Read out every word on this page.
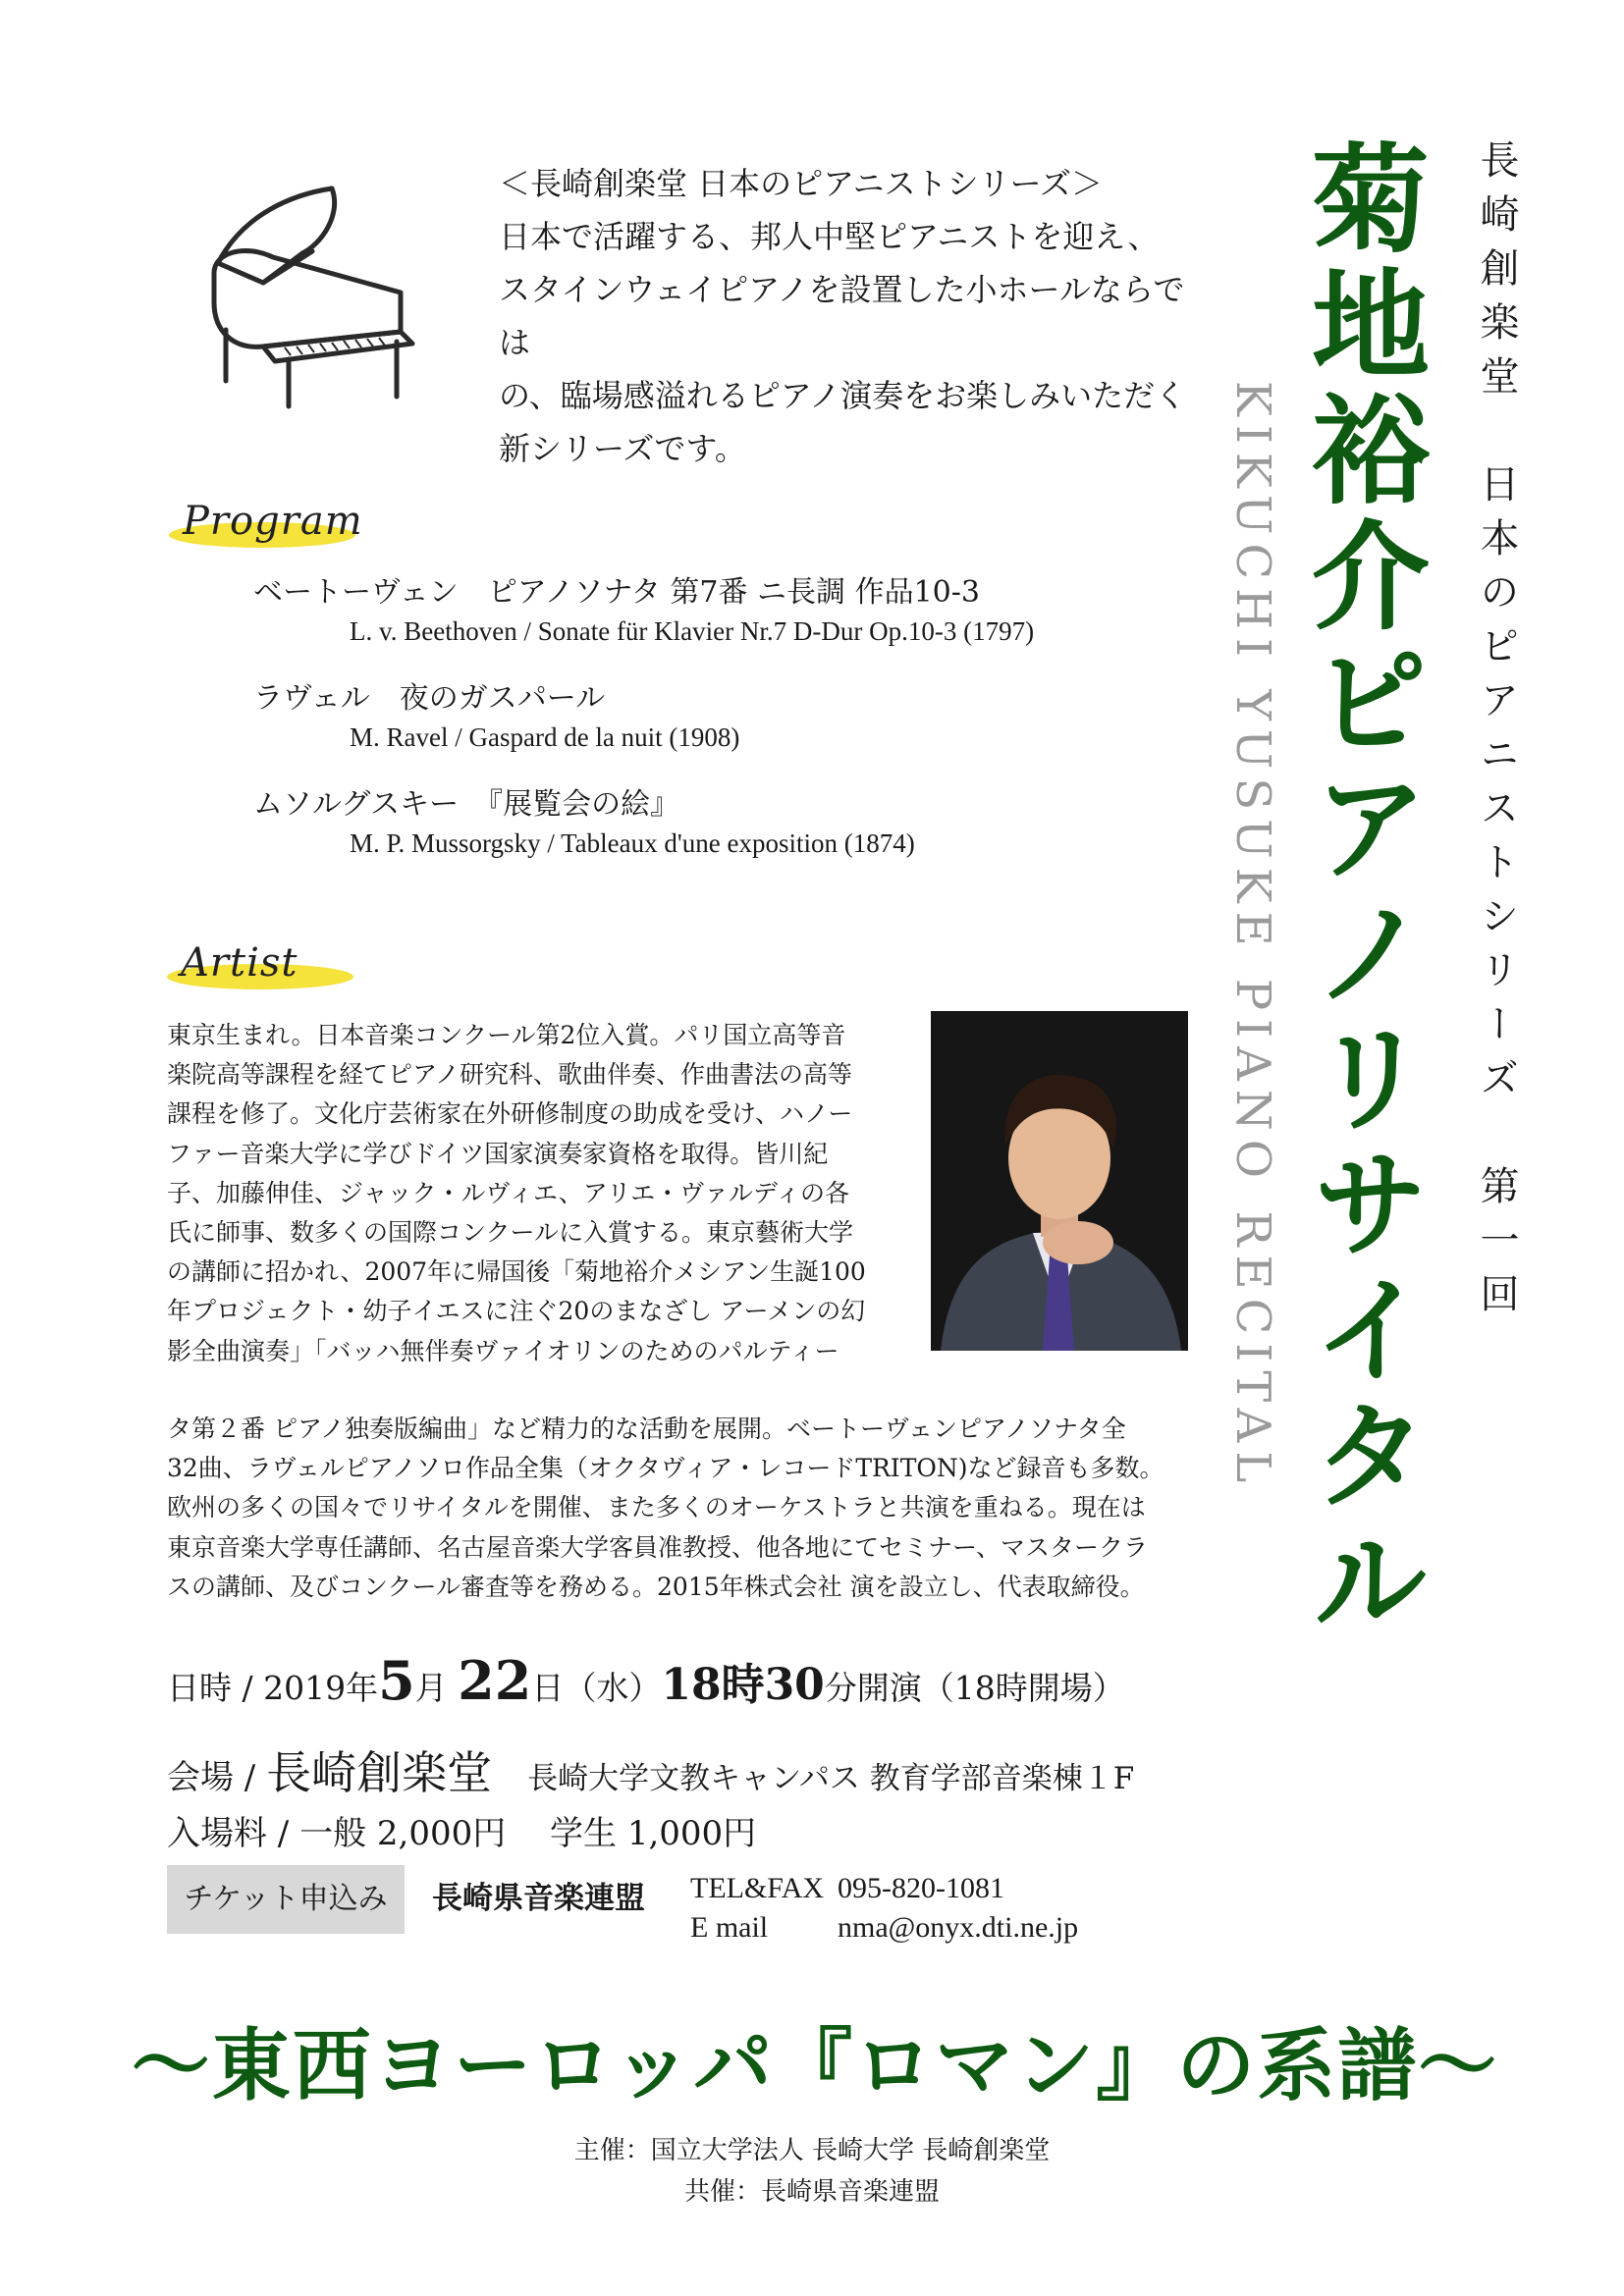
＜長崎創楽堂 日本のピアニストシリーズ＞
日本で活躍する、邦人中堅ピアニストを迎え、
スタインウェイピアノを設置した小ホールならでは
の、臨場感溢れるピアノ演奏をお楽しみいただく
新シリーズです。
Program
ベートーヴェン　ピアノソナタ 第7番 ニ長調 作品10-3
L. v. Beethoven / Sonate für Klavier Nr.7 D-Dur Op.10-3 (1797)
ラヴェル　夜のガスパール
M. Ravel / Gaspard de la nuit (1908)
ムソルグスキー　『展覧会の絵』
M. P. Mussorgsky / Tableaux d'une exposition (1874)
Artist
東京生まれ。日本音楽コンクール第2位入賞。パリ国立高等音
楽院高等課程を経てピアノ研究科、歌曲伴奏、作曲書法の高等
課程を修了。文化庁芸術家在外研修制度の助成を受け、ハノー
ファー音楽大学に学びドイツ国家演奏家資格を取得。皆川紀
子、加藤伸佳、ジャック・ルヴィエ、アリエ・ヴァルディの各
氏に師事、数多くの国際コンクールに入賞する。東京藝術大学
の講師に招かれ、2007年に帰国後「菊地裕介メシアン生誕100
年プロジェクト・幼子イエスに注ぐ20のまなざし アーメンの幻
影全曲演奏」「バッハ無伴奏ヴァイオリンのためのパルティー
タ第２番 ピアノ独奏版編曲」など精力的な活動を展開。ベートーヴェンピアノソナタ全
32曲、ラヴェルピアノソロ作品全集（オクタヴィア・レコードTRITON)など録音も多数。
欧州の多くの国々でリサイタルを開催、また多くのオーケストラと共演を重ねる。現在は
東京音楽大学専任講師、名古屋音楽大学客員准教授、他各地にてセミナー、マスタークラ
スの講師、及びコンクール審査等を務める。2015年株式会社 演を設立し、代表取締役。
日時 / 2019年5月 22日（水）18時30分開演（18時開場）
会場 / 長崎創楽堂 長崎大学文教キャンパス 教育学部音楽棟１F
入場料 / 一般 2,000円　 学生 1,000円
チケット申込み	長崎県音楽連盟 TEL&FAX 095-820-1081
E mail nma@onyx.dti.ne.jp
～東西ヨーロッパ『ロマン』の系譜～
主催：国立大学法人 長崎大学 長崎創楽堂
共催：長崎県音楽連盟
長崎創楽堂　日本のピアニストシリーズ　第一回
菊地裕介ピアノリサイタル
KIKUCHI YUSUKE PIANO RECITAL
